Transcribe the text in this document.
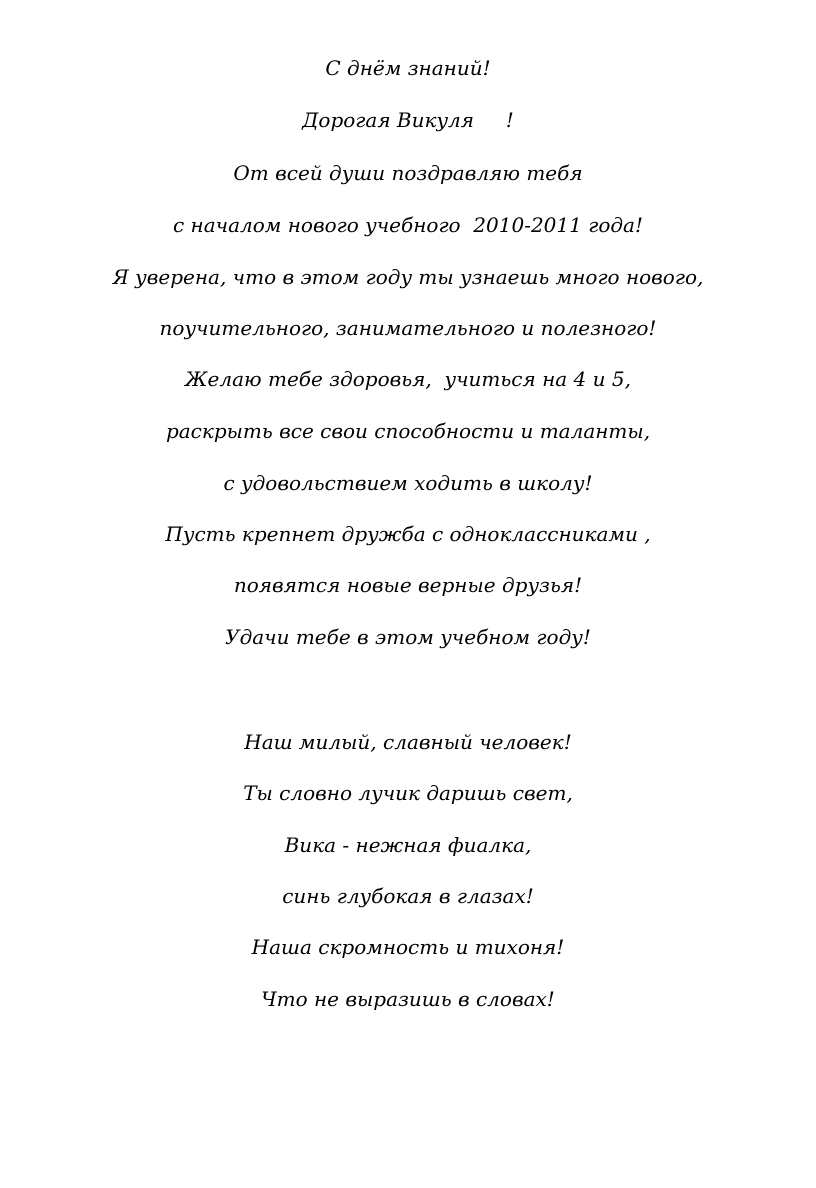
С днём знаний!
Дорогая Викуля     !
От всей души поздравляю тебя
с началом нового учебного  2010-2011 года!
Я уверена, что в этом году ты узнаешь много нового,
поучительного, занимательного и полезного!
Желаю тебе здоровья,  учиться на 4 и 5,
раскрыть все свои способности и таланты,
с удовольствием ходить в школу!
Пусть крепнет дружба с одноклассниками ,
появятся новые верные друзья!
Удачи тебе в этом учебном году!
Наш милый, славный человек!
Ты словно лучик даришь свет,
Вика - нежная фиалка,
синь глубокая в глазах!
Наша скромность и тихоня!
Что не выразишь в словах!
